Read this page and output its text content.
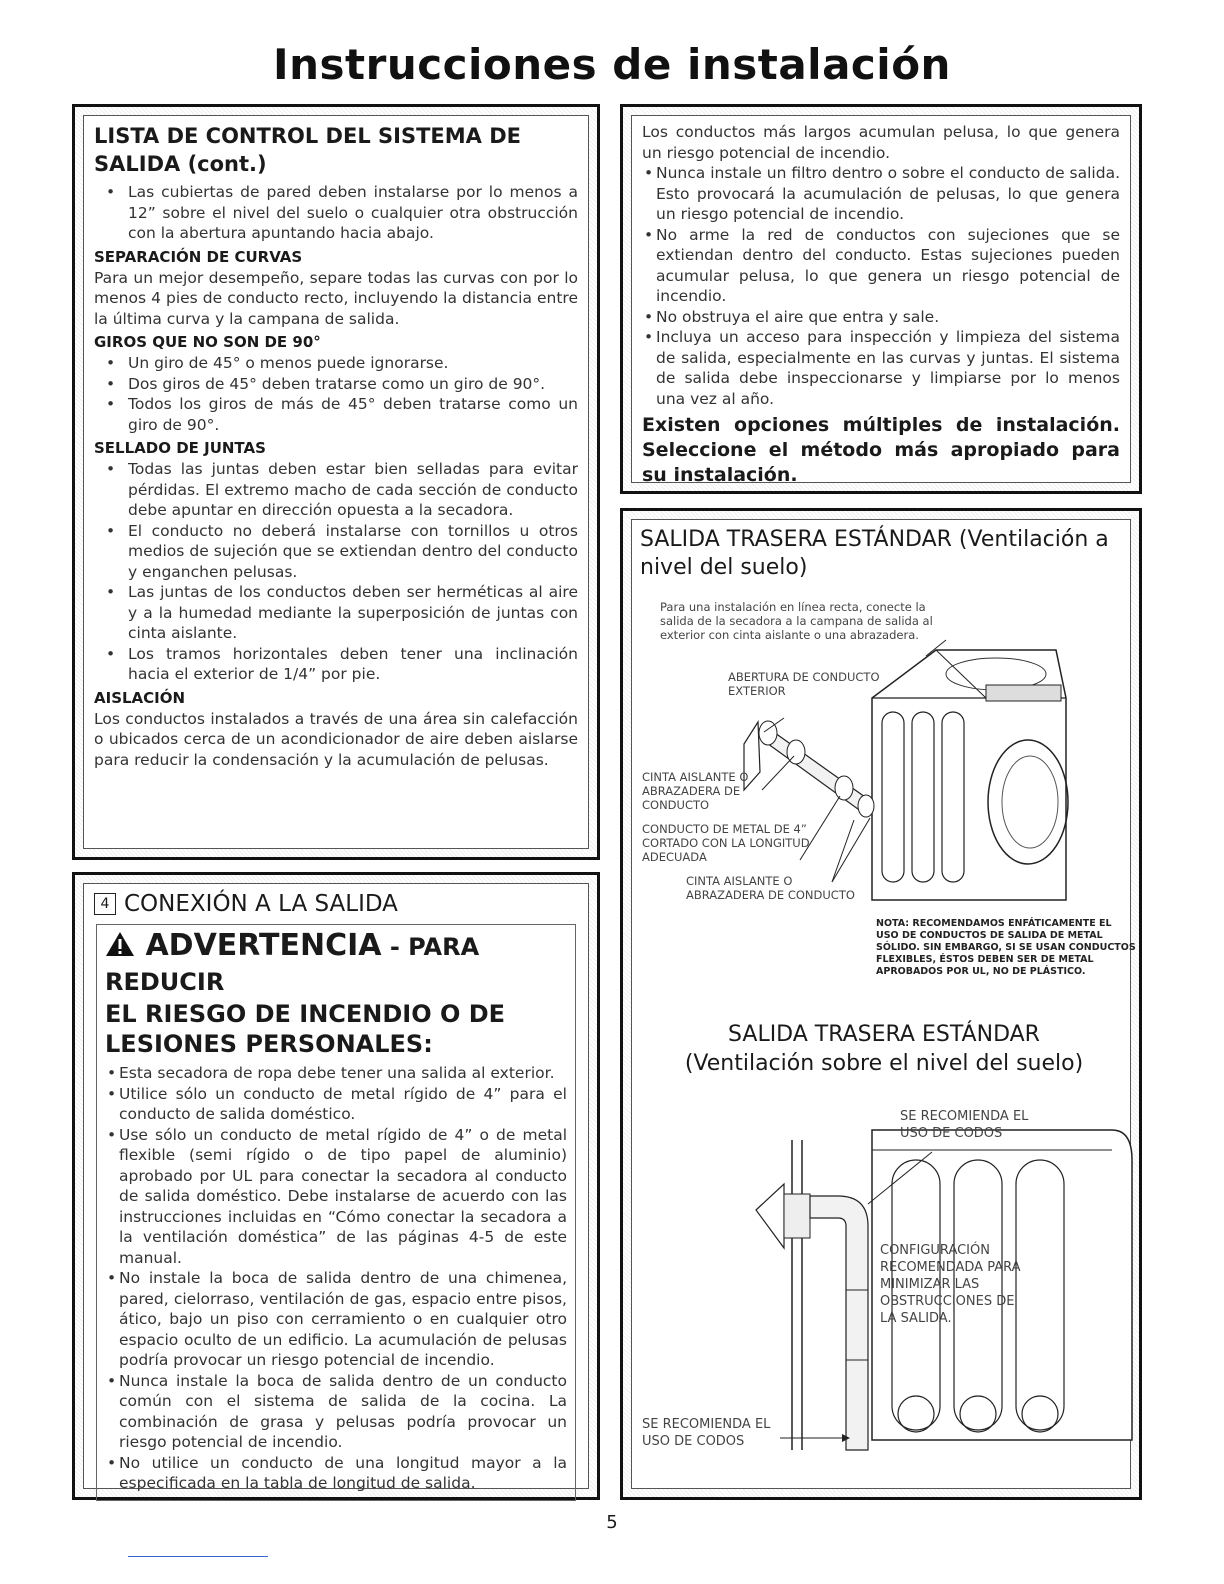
Instrucciones de instalación
LISTA DE CONTROL DEL SISTEMA DE SALIDA (cont.)
• Las cubiertas de pared deben instalarse por lo menos a 12” sobre el nivel del suelo o cualquier otra obstrucción con la abertura apuntando hacia abajo.
SEPARACIÓN DE CURVAS

Para un mejor desempeño, separe todas las curvas con por lo menos 4 pies de conducto recto, incluyendo la distancia entre la última curva y la campana de salida.

GIROS QUE NO SON DE 90°
• Un giro de 45° o menos puede ignorarse.
• Dos giros de 45° deben tratarse como un giro de 90°.
• Todos los giros de más de 45° deben tratarse como un giro de 90°.
SELLADO DE JUNTAS
• Todas las juntas deben estar bien selladas para evitar pérdidas. El extremo macho de cada sección de conducto debe apuntar en dirección opuesta a la secadora.
• El conducto no deberá instalarse con tornillos u otros medios de sujeción que se extiendan dentro del conducto y enganchen pelusas.
• Las juntas de los conductos deben ser herméticas al aire y a la humedad mediante la superposición de juntas con cinta aislante.
• Los tramos horizontales deben tener una inclinación hacia el exterior de 1/4” por pie.
AISLACIÓN

Los conductos instalados a través de una área sin calefacción o ubicados cerca de un acondicionador de aire deben aislarse para reducir la condensación y la acumulación de pelusas.

4 CONEXIÓN A LA SALIDA

ADVERTENCIA - PARA REDUCIR

EL RIESGO DE INCENDIO O DE LESIONES PERSONALES:

• Esta secadora de ropa debe tener una salida al exterior.
• Utilice sólo un conducto de metal rígido de 4” para el conducto de salida doméstico.
• Use sólo un conducto de metal rígido de 4” o de metal flexible (semi rígido o de tipo papel de aluminio) aprobado por UL para conectar la secadora al conducto de salida doméstico. Debe instalarse de acuerdo con las instrucciones incluidas en “Cómo conectar la secadora a la ventilación doméstica” de las páginas 4-5 de este manual.
• No instale la boca de salida dentro de una chimenea, pared, cielorraso, ventilación de gas, espacio entre pisos, ático, bajo un piso con cerramiento o en cualquier otro espacio oculto de un edificio. La acumulación de pelusas podría provocar un riesgo potencial de incendio.
• Nunca instale la boca de salida dentro de un conducto común con el sistema de salida de la cocina. La combinación de grasa y pelusas podría provocar un riesgo potencial de incendio.
• No utilice un conducto de una longitud mayor a la especificada en la tabla de longitud de salida.

Los conductos más largos acumulan pelusa, lo que genera un riesgo potencial de incendio.

• Nunca instale un filtro dentro o sobre el conducto de salida. Esto provocará la acumulación de pelusas, lo que genera un riesgo potencial de incendio.
• No arme la red de conductos con sujeciones que se extiendan dentro del conducto. Estas sujeciones pueden acumular pelusa, lo que genera un riesgo potencial de incendio.
• No obstruya el aire que entra y sale.
• Incluya un acceso para inspección y limpieza del sistema de salida, especialmente en las curvas y juntas. El sistema de salida debe inspeccionarse y limpiarse por lo menos una vez al año.

Existen opciones múltiples de instalación. Seleccione el método más apropiado para su instalación.

SALIDA TRASERA ESTÁNDAR (Ventilación a nivel del suelo)
Para una instalación en línea recta, conecte la salida de la secadora a la campana de salida al exterior con cinta aislante o una abrazadera.
ABERTURA DE CONDUCTO EXTERIOR
CINTA AISLANTE O ABRAZADERA DE CONDUCTO
CONDUCTO DE METAL DE 4” CORTADO CON LA LONGITUD ADECUADA
CINTA AISLANTE O ABRAZADERA DE CONDUCTO
NOTA: RECOMENDAMOS ENFÁTICAMENTE EL USO DE CONDUCTOS DE SALIDA DE METAL SÓLIDO. SIN EMBARGO, SI SE USAN CONDUCTOS FLEXIBLES, ÉSTOS DEBEN SER DE METAL APROBADOS POR UL, NO DE PLÁSTICO.
SALIDA TRASERA ESTÁNDAR
(Ventilación sobre el nivel del suelo)
SE RECOMIENDA EL USO DE CODOS
CONFIGURACIÓN RECOMENDADA PARA MINIMIZAR LAS OBSTRUCCIONES DE LA SALIDA.
SE RECOMIENDA EL USO DE CODOS
5
